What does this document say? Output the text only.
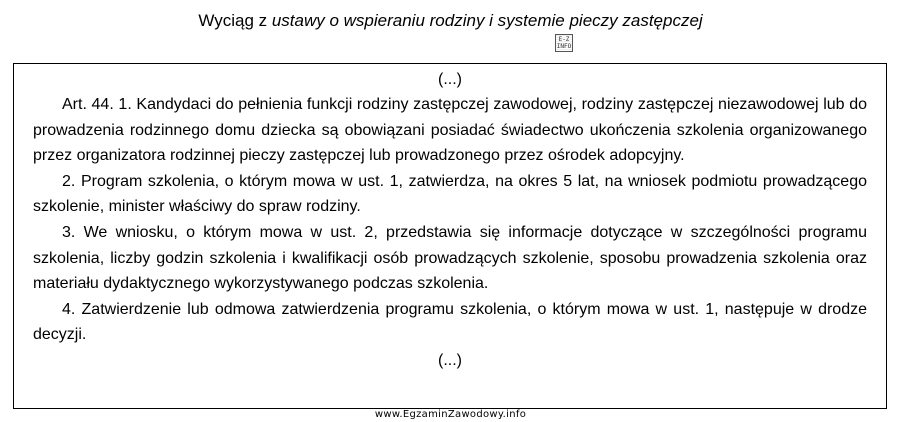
Wyciąg z ustawy o wspieraniu rodziny i systemie pieczy zastępczej
E-Z
INFO
(...)

Art. 44. 1. Kandydaci do pełnienia funkcji rodziny zastępczej zawodowej, rodziny zastępczej niezawodowej lub do prowadzenia rodzinnego domu dziecka są obowiązani posiadać świadectwo ukończenia szkolenia organizowanego przez organizatora rodzinnej pieczy zastępczej lub prowadzonego przez ośrodek adopcyjny.

2. Program szkolenia, o którym mowa w ust. 1, zatwierdza, na okres 5 lat, na wniosek podmiotu prowadzącego szkolenie, minister właściwy do spraw rodziny.

3. We wniosku, o którym mowa w ust. 2, przedstawia się informacje dotyczące w szczególności programu szkolenia, liczby godzin szkolenia i kwalifikacji osób prowadzących szkolenie, sposobu prowadzenia szkolenia oraz materiału dydaktycznego wykorzystywanego podczas szkolenia.

4. Zatwierdzenie lub odmowa zatwierdzenia programu szkolenia, o którym mowa w ust. 1, następuje w drodze decyzji.

(...)
www.EgzaminZawodowy.info
